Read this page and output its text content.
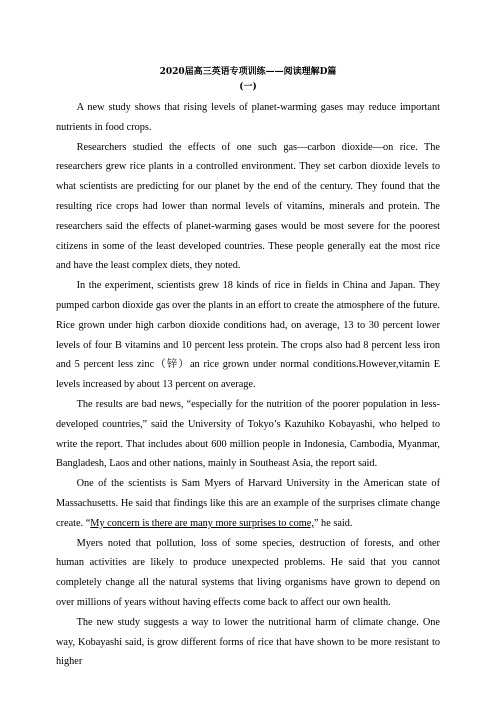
2020届高三英语专项训练——阅读理解D篇
(一)

A new study shows that rising levels of planet-warming gases may reduce important nutrients in food crops.

Researchers studied the effects of one such gas—carbon dioxide—on rice. The researchers grew rice plants in a controlled environment. They set carbon dioxide levels to what scientists are predicting for our planet by the end of the century. They found that the resulting rice crops had lower than normal levels of vitamins, minerals and protein. The researchers said the effects of planet-warming gases would be most severe for the poorest citizens in some of the least developed countries. These people generally eat the most rice and have the least complex diets, they noted.

In the experiment, scientists grew 18 kinds of rice in fields in China and Japan. They pumped carbon dioxide gas over the plants in an effort to create the atmosphere of the future. Rice grown under high carbon dioxide conditions had, on average, 13 to 30 percent lower levels of four B vitamins and 10 percent less protein. The crops also had 8 percent less iron and 5 percent less zinc（锌）an rice grown under normal conditions.However,vitamin E levels increased by about 13 percent on average.

The results are bad news, “especially for the nutrition of the poorer population in less-developed countries,” said the University of Tokyo’s Kazuhiko Kobayashi, who helped to write the report. That includes about 600 million people in Indonesia, Cambodia, Myanmar, Bangladesh, Laos and other nations, mainly in Southeast Asia, the report said.

One of the scientists is Sam Myers of Harvard University in the American state of Massachusetts. He said that findings like this are an example of the surprises climate change create. “My concern is there are many more surprises to come,” he said.

Myers noted that pollution, loss of some species, destruction of forests, and other human activities are likely to produce unexpected problems. He said that you cannot completely change all the natural systems that living organisms have grown to depend on over millions of years without having effects come back to affect our own health.

The new study suggests a way to lower the nutritional harm of climate change. One way, Kobayashi said, is grow different forms of rice that have shown to be more resistant to higher
